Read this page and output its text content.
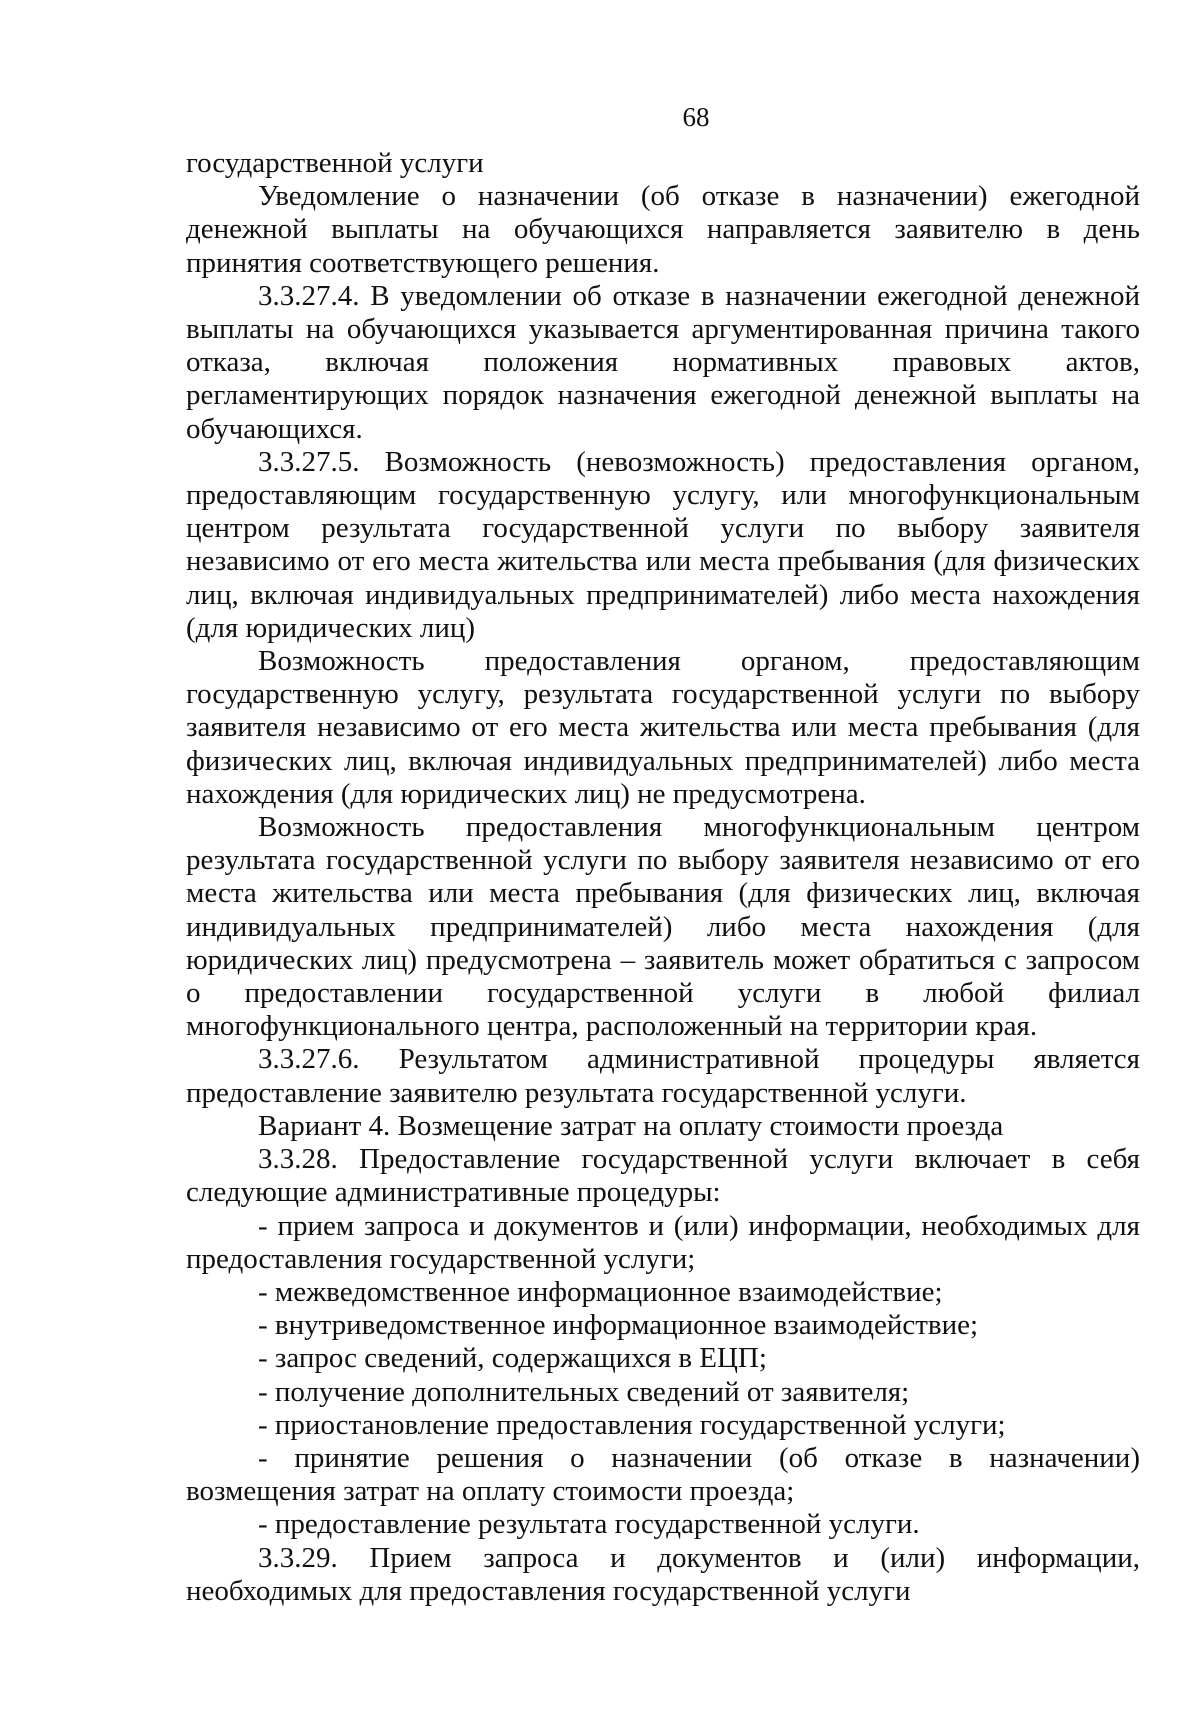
68

государственной услуги

Уведомление о назначении (об отказе в назначении) ежегодной денежной выплаты на обучающихся направляется заявителю в день принятия соответствующего решения.

3.3.27.4. В уведомлении об отказе в назначении ежегодной денежной выплаты на обучающихся указывается аргументированная причина такого отказа, включая положения нормативных правовых актов, регламентирующих порядок назначения ежегодной денежной выплаты на обучающихся.

3.3.27.5. Возможность (невозможность) предоставления органом, предоставляющим государственную услугу, или многофункциональным центром результата государственной услуги по выбору заявителя независимо от его места жительства или места пребывания (для физических лиц, включая индивидуальных предпринимателей) либо места нахождения (для юридических лиц)

Возможность предоставления органом, предоставляющим государственную услугу, результата государственной услуги по выбору заявителя независимо от его места жительства или места пребывания (для физических лиц, включая индивидуальных предпринимателей) либо места нахождения (для юридических лиц) не предусмотрена.

Возможность предоставления многофункциональным центром результата государственной услуги по выбору заявителя независимо от его места жительства или места пребывания (для физических лиц, включая индивидуальных предпринимателей) либо места нахождения (для юридических лиц) предусмотрена – заявитель может обратиться с запросом о предоставлении государственной услуги в любой филиал многофункционального центра, расположенный на территории края.

3.3.27.6. Результатом административной процедуры является предоставление заявителю результата государственной услуги.

Вариант 4. Возмещение затрат на оплату стоимости проезда

3.3.28. Предоставление государственной услуги включает в себя следующие административные процедуры:

- прием запроса и документов и (или) информации, необходимых для предоставления государственной услуги;

- межведомственное информационное взаимодействие;

- внутриведомственное информационное взаимодействие;

- запрос сведений, содержащихся в ЕЦП;

- получение дополнительных сведений от заявителя;

- приостановление предоставления государственной услуги;

- принятие решения о назначении (об отказе в назначении) возмещения затрат на оплату стоимости проезда;

- предоставление результата государственной услуги.

3.3.29. Прием запроса и документов и (или) информации, необходимых для предоставления государственной услуги
